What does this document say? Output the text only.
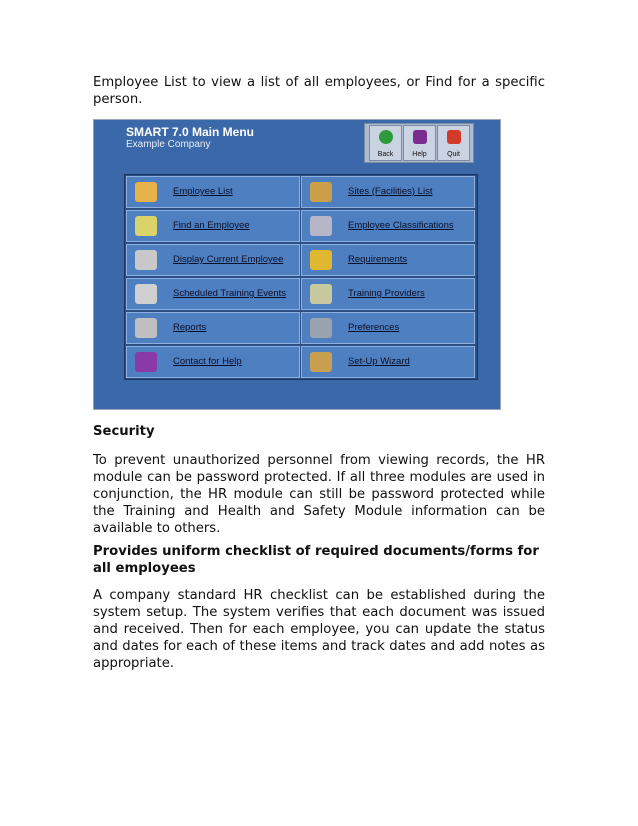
Employee List to view a list of all employees, or Find for a specific person.

SMART 7.0 Main Menu
Example Company
Back	Help	Quit
Employee List
Find an Employee
Display Current Employee
Scheduled Training Events
Reports
Contact for Help
Sites (Facilities) List
Employee Classifications
Requirements
Training Providers
Preferences
Set-Up Wizard
Security

To prevent unauthorized personnel from viewing records, the HR module can be password protected. If all three modules are used in conjunction, the HR module can still be password protected while the Training and Health and Safety Module information can be available to others.

Provides uniform checklist of required documents/forms for all employees

A company standard HR checklist can be established during the system setup. The system verifies that each document was issued and received. Then for each employee, you can update the status and dates for each of these items and track dates and add notes as appropriate.
